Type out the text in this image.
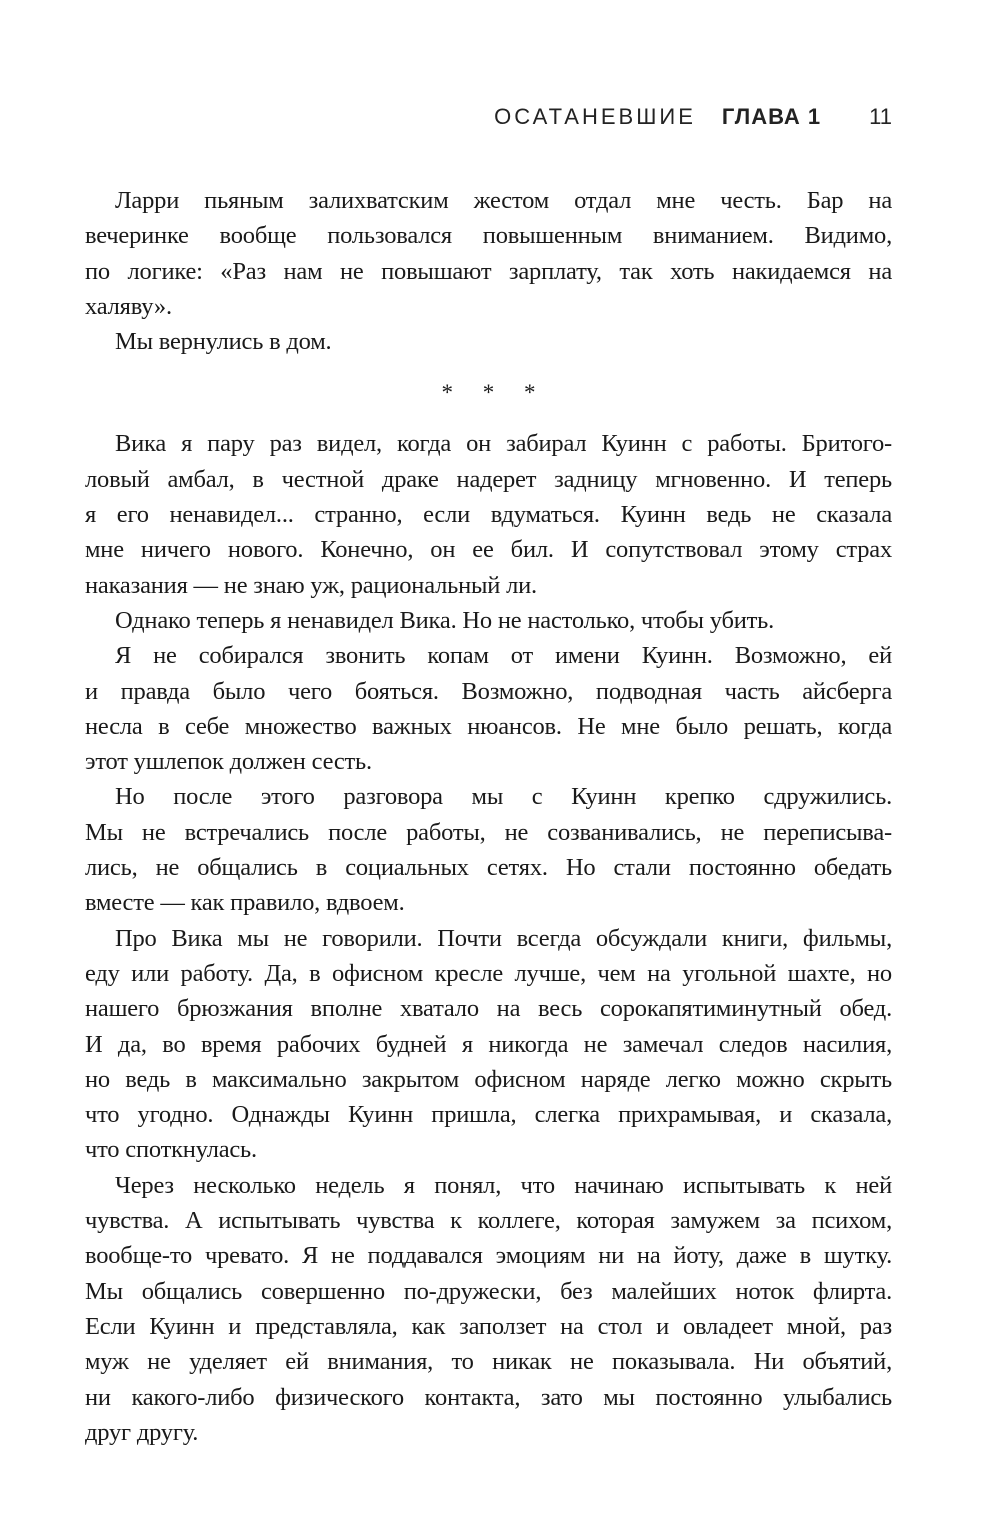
ОСАТАНЕВШИЕ ГЛАВА 1 11
Ларри пьяным залихватским жестом отдал мне честь. Бар на
вечеринке вообще пользовался повышенным вниманием. Видимо,
по логике: «Раз нам не повышают зарплату, так хоть накидаемся на
халяву».
Мы вернулись в дом.
* * *
Вика я пару раз видел, когда он забирал Куинн с работы. Бритого-
ловый амбал, в честной драке надерет задницу мгновенно. И теперь
я его ненавидел... странно, если вдуматься. Куинн ведь не сказала
мне ничего нового. Конечно, он ее бил. И сопутствовал этому страх
наказания — не знаю уж, рациональный ли.
Однако теперь я ненавидел Вика. Но не настолько, чтобы убить.
Я не собирался звонить копам от имени Куинн. Возможно, ей
и правда было чего бояться. Возможно, подводная часть айсберга
несла в себе множество важных нюансов. Не мне было решать, когда
этот ушлепок должен сесть.
Но после этого разговора мы с Куинн крепко сдружились.
Мы не встречались после работы, не созванивались, не переписыва-
лись, не общались в социальных сетях. Но стали постоянно обедать
вместе — как правило, вдвоем.
Про Вика мы не говорили. Почти всегда обсуждали книги, фильмы,
еду или работу. Да, в офисном кресле лучше, чем на угольной шахте, но
нашего брюзжания вполне хватало на весь сорокапятиминутный обед.
И да, во время рабочих будней я никогда не замечал следов насилия,
но ведь в максимально закрытом офисном наряде легко можно скрыть
что угодно. Однажды Куинн пришла, слегка прихрамывая, и сказала,
что споткнулась.
Через несколько недель я понял, что начинаю испытывать к ней
чувства. А испытывать чувства к коллеге, которая замужем за психом,
вообще-то чревато. Я не поддавался эмоциям ни на йоту, даже в шутку.
Мы общались совершенно по-дружески, без малейших ноток флирта.
Если Куинн и представляла, как заползет на стол и овладеет мной, раз
муж не уделяет ей внимания, то никак не показывала. Ни объятий,
ни какого-либо физического контакта, зато мы постоянно улыбались
друг другу.
